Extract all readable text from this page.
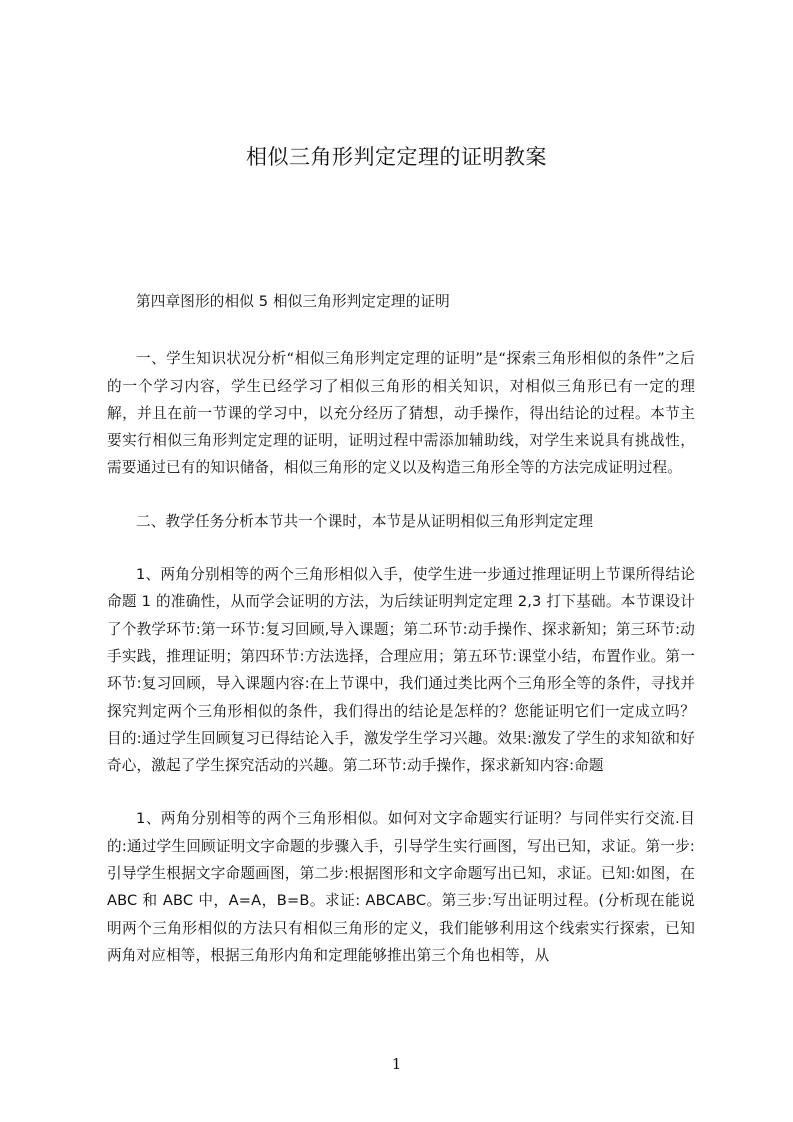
相似三角形判定定理的证明教案

第四章图形的相似 5 相似三角形判定定理的证明

一、学生知识状况分析“相似三角形判定定理的证明”是“探索三角形相似的条件”之后的一个学习内容，学生已经学习了相似三角形的相关知识，对相似三角形已有一定的理解，并且在前一节课的学习中，以充分经历了猜想，动手操作，得出结论的过程。本节主要实行相似三角形判定定理的证明，证明过程中需添加辅助线，对学生来说具有挑战性，需要通过已有的知识储备，相似三角形的定义以及构造三角形全等的方法完成证明过程。

二、教学任务分析本节共一个课时，本节是从证明相似三角形判定定理

1、两角分别相等的两个三角形相似入手，使学生进一步通过推理证明上节课所得结论命题 1 的准确性，从而学会证明的方法，为后续证明判定定理 2,3 打下基础。本节课设计了个教学环节:第一环节:复习回顾,导入课题；第二环节:动手操作、探求新知；第三环节:动手实践，推理证明；第四环节:方法选择，合理应用；第五环节:课堂小结，布置作业。第一环节:复习回顾，导入课题内容:在上节课中，我们通过类比两个三角形全等的条件，寻找并探究判定两个三角形相似的条件，我们得出的结论是怎样的？您能证明它们一定成立吗？目的:通过学生回顾复习已得结论入手，激发学生学习兴趣。效果:激发了学生的求知欲和好奇心，激起了学生探究活动的兴趣。第二环节:动手操作，探求新知内容:命题

1、两角分别相等的两个三角形相似。如何对文字命题实行证明？与同伴实行交流.目的:通过学生回顾证明文字命题的步骤入手，引导学生实行画图，写出已知，求证。第一步:引导学生根据文字命题画图，第二步:根据图形和文字命题写出已知，求证。已知:如图，在 ABC 和 ABC 中，A=A，B=B。求证: ABCABC。第三步:写出证明过程。(分析现在能说明两个三角形相似的方法只有相似三角形的定义，我们能够利用这个线索实行探索，已知两角对应相等，根据三角形内角和定理能够推出第三个角也相等，从

1
